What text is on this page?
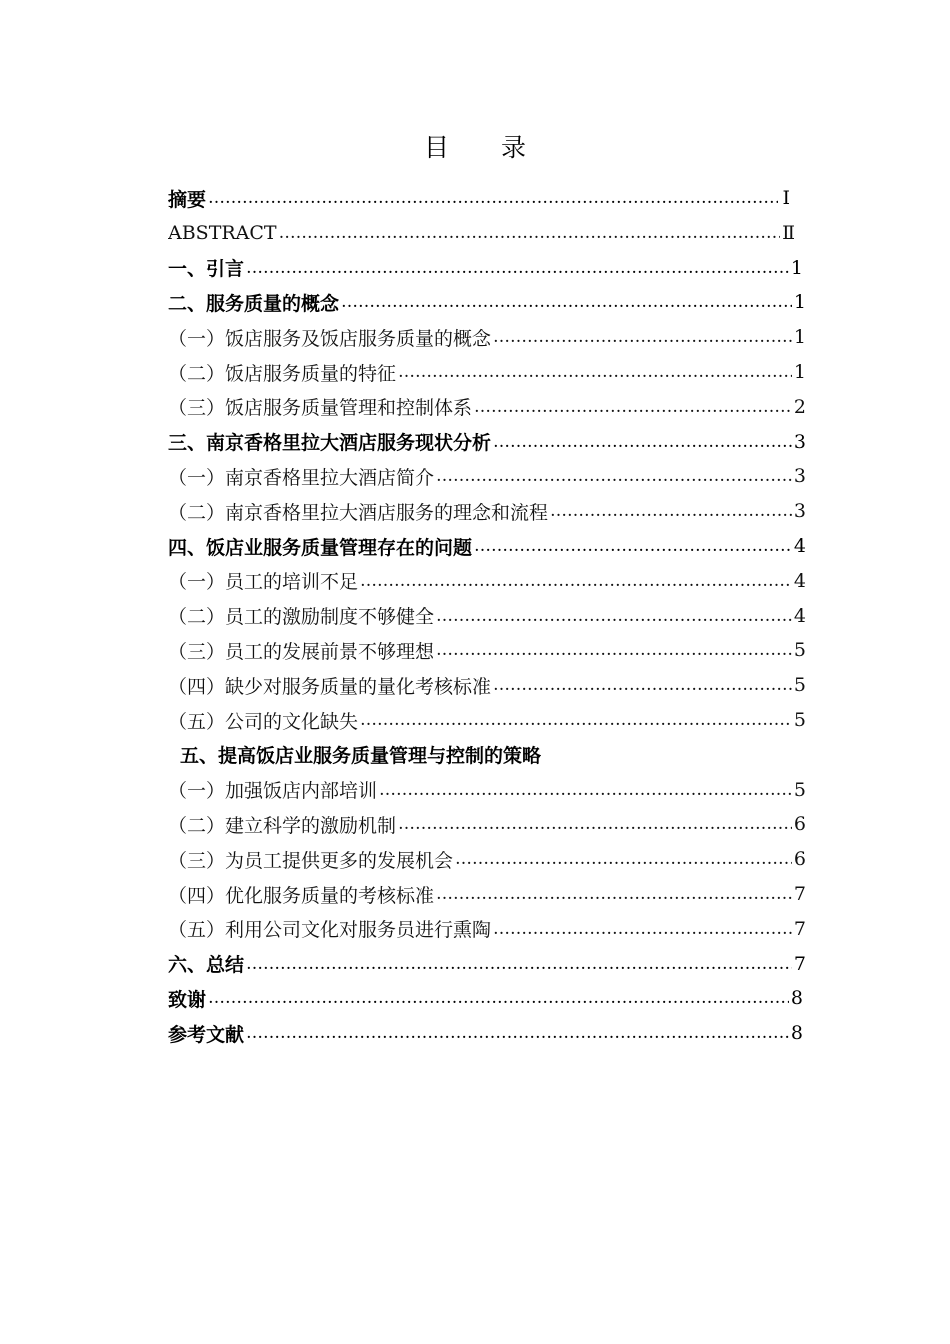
目 录
摘要 ………………………………………………………………………………………………………………………………………………………………	Ⅰ
ABSTRACT ………………………………………………………………………………………………………………………………………………………………	Ⅱ
一、引言 ………………………………………………………………………………………………………………………………………………………………	1
二、服务质量的概念 ………………………………………………………………………………………………………………………………………………………………	1
（一）饭店服务及饭店服务质量的概念 ………………………………………………………………………………………………………………………………………………………………	1
（二）饭店服务质量的特征 ………………………………………………………………………………………………………………………………………………………………	1
（三）饭店服务质量管理和控制体系 ………………………………………………………………………………………………………………………………………………………………	2
三、南京香格里拉大酒店服务现状分析 ………………………………………………………………………………………………………………………………………………………………	3
（一）南京香格里拉大酒店简介 ………………………………………………………………………………………………………………………………………………………………	3
（二）南京香格里拉大酒店服务的理念和流程 ………………………………………………………………………………………………………………………………………………………………	3
四、饭店业服务质量管理存在的问题 ………………………………………………………………………………………………………………………………………………………………	4
（一）员工的培训不足 ………………………………………………………………………………………………………………………………………………………………	4
（二）员工的激励制度不够健全 ………………………………………………………………………………………………………………………………………………………………	4
（三）员工的发展前景不够理想 ………………………………………………………………………………………………………………………………………………………………	5
（四）缺少对服务质量的量化考核标准 ………………………………………………………………………………………………………………………………………………………………	5
（五）公司的文化缺失 ………………………………………………………………………………………………………………………………………………………………	5
五、提高饭店业服务质量管理与控制的策略
（一）加强饭店内部培训 ………………………………………………………………………………………………………………………………………………………………	5
（二）建立科学的激励机制 ………………………………………………………………………………………………………………………………………………………………	6
（三）为员工提供更多的发展机会 ………………………………………………………………………………………………………………………………………………………………	6
（四）优化服务质量的考核标准 ………………………………………………………………………………………………………………………………………………………………	7
（五）利用公司文化对服务员进行熏陶 ………………………………………………………………………………………………………………………………………………………………	7
六、总结 ………………………………………………………………………………………………………………………………………………………………	7
致谢 ………………………………………………………………………………………………………………………………………………………………	8
参考文献 ………………………………………………………………………………………………………………………………………………………………	8
